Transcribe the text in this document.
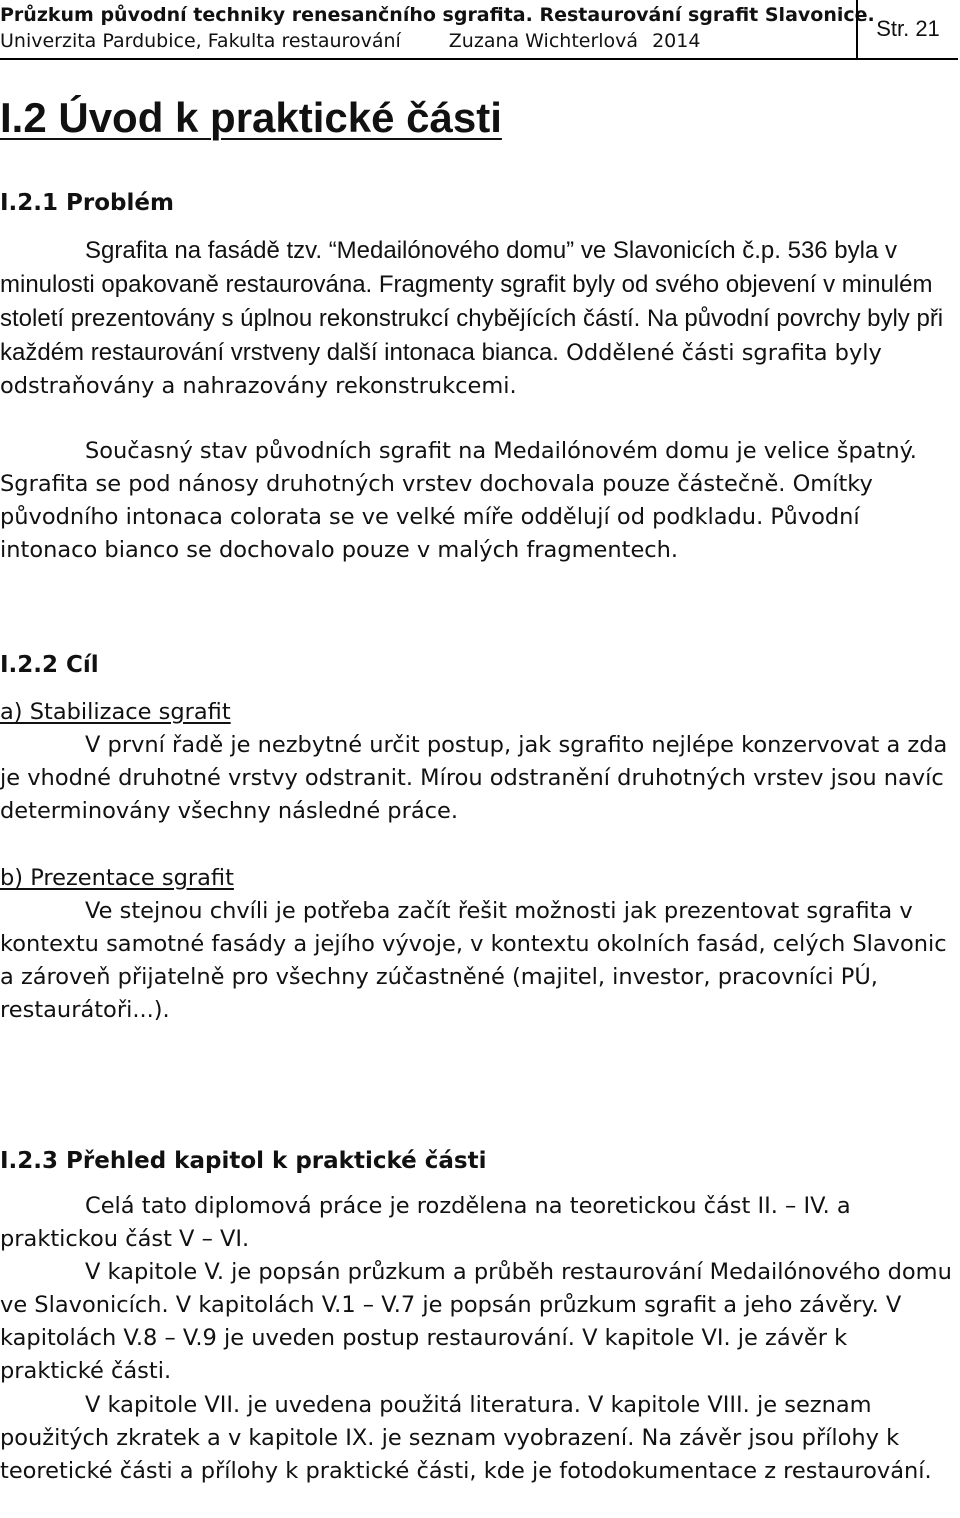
Průzkum původní techniky renesančního sgrafita. Restaurování sgrafit Slavonice.
Univerzita Pardubice, Fakulta restaurování	Zuzana Wichterlová 2014	Str. 21
I.2 Úvod k praktické části
I.2.1 Problém

Sgrafita na fasádě tzv. “Medailónového domu” ve Slavonicích č.p. 536 byla v minulosti opakovaně restaurována. Fragmenty sgrafit byly od svého objevení v minulém století prezentovány s úplnou rekonstrukcí chybějících částí. Na původní povrchy byly při každém restaurování vrstveny další intonaca bianca. Oddělené části sgrafita byly odstraňovány a nahrazovány rekonstrukcemi.

Současný stav původních sgrafit na Medailónovém domu je velice špatný. Sgrafita se pod nánosy druhotných vrstev dochovala pouze částečně. Omítky původního intonaca colorata se ve velké míře oddělují od podkladu. Původní intonaco bianco se dochovalo pouze v malých fragmentech.

I.2.2 Cíl
a) Stabilizace sgrafit

V první řadě je nezbytné určit postup, jak sgrafito nejlépe konzervovat a zda je vhodné druhotné vrstvy odstranit. Mírou odstranění druhotných vrstev jsou navíc determinovány všechny následné práce.

b) Prezentace sgrafit

Ve stejnou chvíli je potřeba začít řešit možnosti jak prezentovat sgrafita v kontextu samotné fasády a jejího vývoje, v kontextu okolních fasád, celých Slavonic a zároveň přijatelně pro všechny zúčastněné (majitel, investor, pracovníci PÚ, restaurátoři...).

I.2.3 Přehled kapitol k praktické části

Celá tato diplomová práce je rozdělena na teoretickou část II. – IV. a praktickou část V – VI.

V kapitole V. je popsán průzkum a průběh restaurování Medailónového domu ve Slavonicích. V kapitolách V.1 – V.7 je popsán průzkum sgrafit a jeho závěry. V kapitolách V.8 – V.9 je uveden postup restaurování. V kapitole VI. je závěr k praktické části.

V kapitole VII. je uvedena použitá literatura. V kapitole VIII. je seznam použitých zkratek a v kapitole IX. je seznam vyobrazení. Na závěr jsou přílohy k teoretické části a přílohy k praktické části, kde je fotodokumentace z restaurování.
